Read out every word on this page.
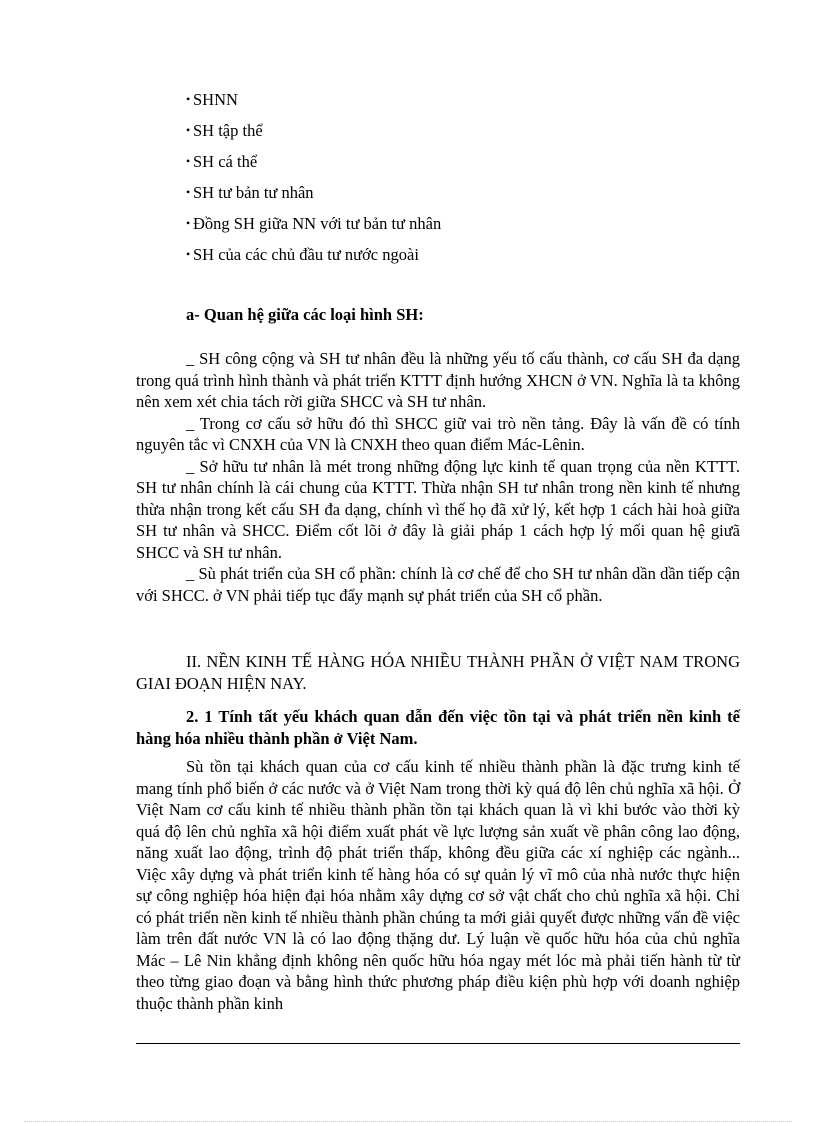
• SHNN
• SH tập thể
• SH cá thể
• SH tư bản tư nhân
• Đồng SH giữa NN với tư bản tư nhân
• SH của các chủ đầu tư nước ngoài
a- Quan hệ giữa các loại hình SH:

_ SH công cộng và SH tư nhân đều là những yếu tố cấu thành, cơ cấu SH đa dạng trong quá trình hình thành và phát triển KTTT định hướng XHCN ở VN. Nghĩa là ta không nên xem xét chia tách rời giữa SHCC và SH tư nhân.

_ Trong cơ cấu sở hữu đó thì SHCC giữ vai trò nền tảng. Đây là vấn đề có tính nguyên tắc vì CNXH của VN là CNXH theo quan điểm Mác-Lênin.

_ Sở hữu tư nhân là mét trong những động lực kinh tế quan trọng của nền KTTT. SH tư nhân chính là cái chung của KTTT. Thừa nhận SH tư nhân trong nền kinh tế nhưng thừa nhận trong kết cấu SH đa dạng, chính vì thế họ đã xử lý, kết hợp 1 cách hài hoà giữa SH tư nhân và SHCC. Điểm cốt lõi ở đây là giải pháp 1 cách hợp lý mối quan hệ giưã SHCC và SH tư nhân.

_ Sù phát triển của SH cổ phần: chính là cơ chế để cho SH tư nhân dần dần tiếp cận với SHCC. ở VN phải tiếp tục đẩy mạnh sự phát triển của SH cổ phần.

II. NỀN KINH TẾ HÀNG HÓA NHIỀU THÀNH PHẦN Ở VIỆT NAM TRONG GIAI ĐOẠN HIỆN NAY.

2. 1 Tính tất yếu khách quan dẫn đến việc tồn tại và phát triển nền kinh tế hàng hóa nhiều thành phần ở Việt Nam.

Sù tồn tại khách quan của cơ cấu kinh tế nhiều thành phần là đặc trưng kinh tế mang tính phổ biến ở các nước và ở Việt Nam trong thời kỳ quá độ lên chủ nghĩa xã hội. Ở Việt Nam cơ cấu kinh tế nhiều thành phần tồn tại khách quan là vì khi bước vào thời kỳ quá độ lên chủ nghĩa xã hội điểm xuất phát về lực lượng sản xuất về phân công lao động, năng xuất lao động, trình độ phát triển thấp, không đều giữa các xí nghiệp các ngành... Việc xây dựng và phát triển kinh tế hàng hóa có sự quản lý vĩ mô của nhà nước thực hiện sự công nghiệp hóa hiện đại hóa nhằm xây dựng cơ sở vật chất cho chủ nghĩa xã hội. Chỉ có phát triển nền kinh tế nhiều thành phần chúng ta mới giải quyết được những vấn đề việc làm trên đất nước VN là có lao động thặng dư. Lý luận về quốc hữu hóa của chủ nghĩa Mác – Lê Nin khẳng định không nên quốc hữu hóa ngay mét lóc mà phải tiến hành từ từ theo từng giao đoạn và bằng hình thức phương pháp điều kiện phù hợp với doanh nghiệp thuộc thành phần kinh
